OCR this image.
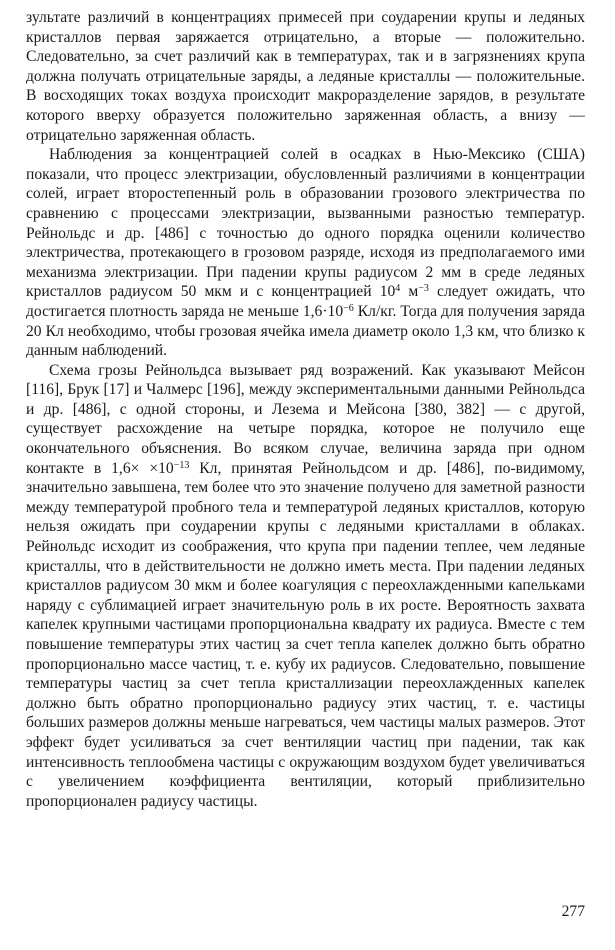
зультате различий в концентрациях примесей при соударении крупы и ледяных кристаллов первая заряжается отрицательно, а вторые — положительно. Следовательно, за счет различий как в температурах, так и в загрязнениях крупа должна получать отрицательные заряды, а ледяные кристаллы — положительные. В восходящих токах воздуха происходит макроразделение зарядов, в результате которого вверху образуется положительно заряженная область, а внизу — отрицательно заряженная область.

Наблюдения за концентрацией солей в осадках в Нью-Мексико (США) показали, что процесс электризации, обусловленный различиями в концентрации солей, играет второстепенный роль в образовании грозового электричества по сравнению с процессами электризации, вызванными разностью температур. Рейнольдс и др. [486] с точностью до одного порядка оценили количество электричества, протекающего в грозовом разряде, исходя из предполагаемого ими механизма электризации. При падении крупы радиусом 2 мм в среде ледяных кристаллов радиусом 50 мкм и с концентрацией $10^4$ $м^{-3}$ следует ожидать, что достигается плотность заряда не меньше $1,6\cdot 10^{-6}$ Кл/кг. Тогда для получения заряда 20 Кл необходимо, чтобы грозовая ячейка имела диаметр около 1,3 км, что близко к данным наблюдений.

Схема грозы Рейнольдса вызывает ряд возражений. Как указывают Мейсон [116], Брук [17] и Чалмерс [196], между экспериментальными данными Рейнольдса и др. [486], с одной стороны, и Лезема и Мейсона [380, 382] — с другой, существует расхождение на четыре порядка, которое не получило еще окончательного объяснения. Во всяком случае, величина заряда при одном контакте в $1,6\times \times 10^{-13}$ Кл, принятая Рейнольдсом и др. [486], по-видимому, значительно завышена, тем более что это значение получено для заметной разности между температурой пробного тела и температурой ледяных кристаллов, которую нельзя ожидать при соударении крупы с ледяными кристаллами в облаках. Рейнольдс исходит из соображения, что крупа при падении теплее, чем ледяные кристаллы, что в действительности не должно иметь места. При падении ледяных кристаллов радиусом 30 мкм и более коагуляция с переохлажденными капельками наряду с сублимацией играет значительную роль в их росте. Вероятность захвата капелек крупными частицами пропорциональна квадрату их радиуса. Вместе с тем повышение температуры этих частиц за счет тепла капелек должно быть обратно пропорционально массе частиц, т. е. кубу их радиусов. Следовательно, повышение температуры частиц за счет тепла кристаллизации переохлажденных капелек должно быть обратно пропорционально радиусу этих частиц, т. е. частицы больших размеров должны меньше нагреваться, чем частицы малых размеров. Этот эффект будет усиливаться за счет вентиляции частиц при падении, так как интенсивность теплообмена частицы с окружающим воздухом будет увеличиваться с увеличением коэффициента вентиляции, который приблизительно пропорционален радиусу частицы.

277
